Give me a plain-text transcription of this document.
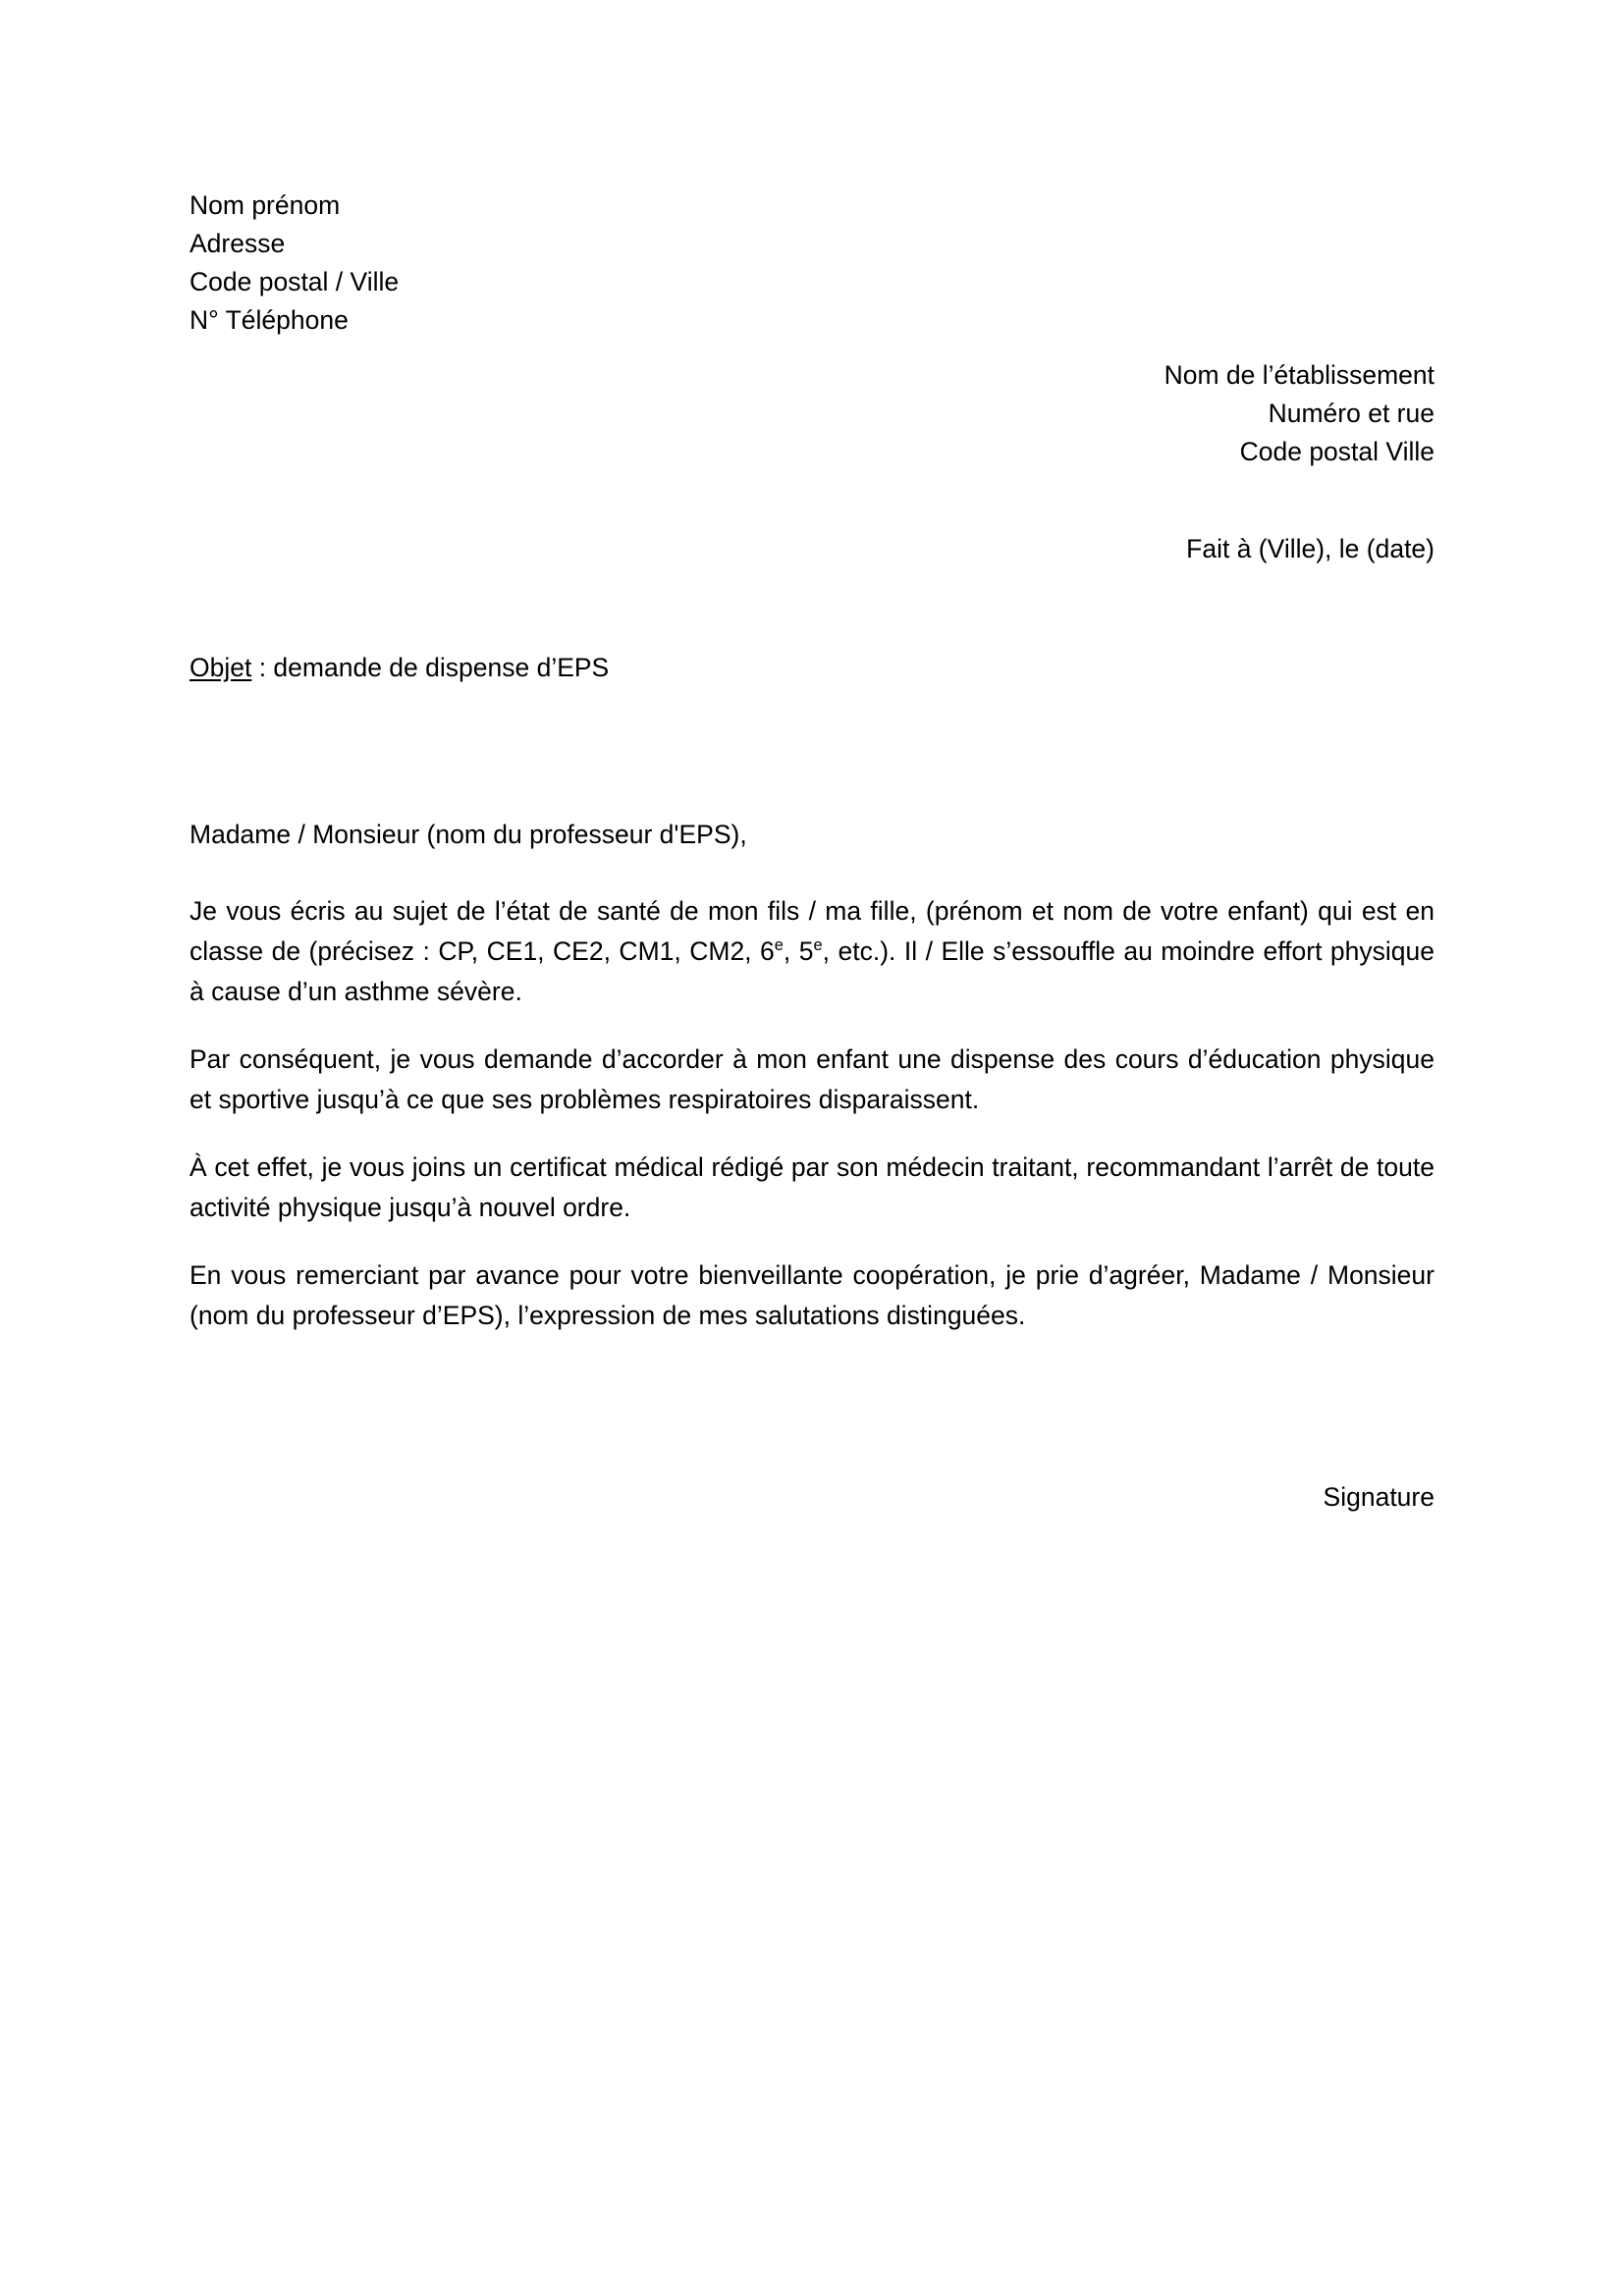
Nom prénom
Adresse
Code postal / Ville
N° Téléphone
Nom de l’établissement
Numéro et rue
Code postal Ville
Fait à (Ville), le (date)
Objet : demande de dispense d’EPS
Madame / Monsieur (nom du professeur d'EPS),

Je vous écris au sujet de l’état de santé de mon fils / ma fille, (prénom et nom de votre enfant) qui est en classe de (précisez : CP, CE1, CE2, CM1, CM2, 6e, 5e, etc.). Il / Elle s’essouffle au moindre effort physique à cause d’un asthme sévère.

Par conséquent, je vous demande d’accorder à mon enfant une dispense des cours d’éducation physique et sportive jusqu’à ce que ses problèmes respiratoires disparaissent.

À cet effet, je vous joins un certificat médical rédigé par son médecin traitant, recommandant l’arrêt de toute activité physique jusqu’à nouvel ordre.

En vous remerciant par avance pour votre bienveillante coopération, je prie d’agréer, Madame / Monsieur (nom du professeur d’EPS), l’expression de mes salutations distinguées.

Signature
